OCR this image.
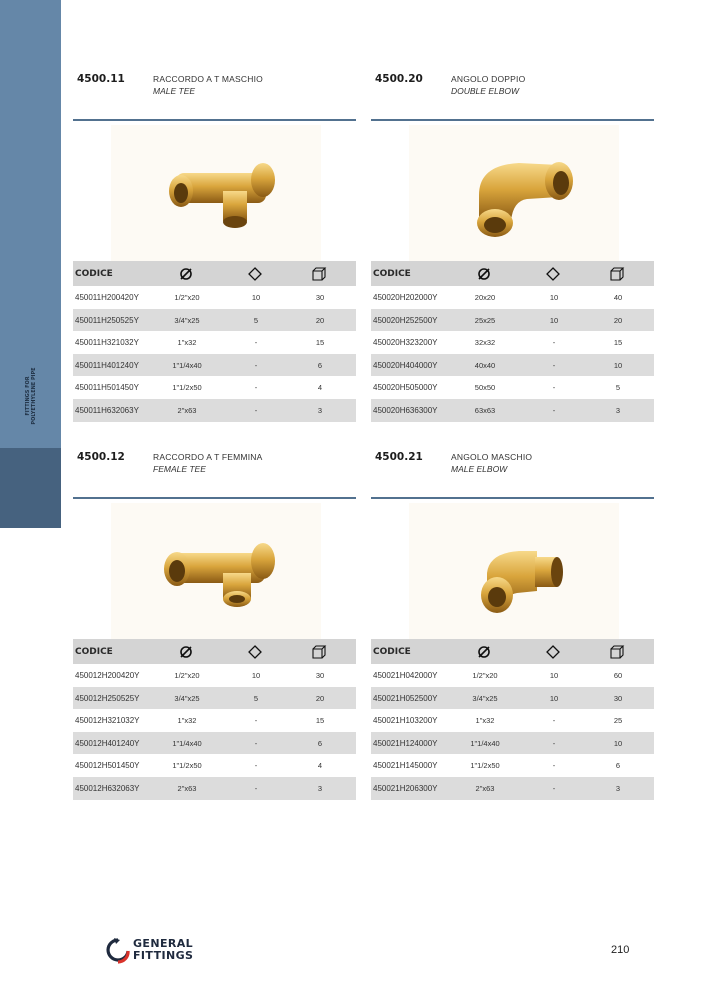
FITTINGS FOR POLYETHYLENE PIPE
4500.11	RACCORDO A T MASCHIO
MALE TEE
CODICE
450011H200420Y	1/2"x20	10	30
450011H250525Y	3/4"x25	5	20
450011H321032Y	1"x32	-	15
450011H401240Y	1"1/4x40	-	6
450011H501450Y	1"1/2x50	-	4
450011H632063Y	2"x63	-	3
4500.20	ANGOLO DOPPIO
DOUBLE ELBOW
CODICE
450020H202000Y	20x20	10	40
450020H252500Y	25x25	10	20
450020H323200Y	32x32	-	15
450020H404000Y	40x40	-	10
450020H505000Y	50x50	-	5
450020H636300Y	63x63	-	3
4500.12	RACCORDO A T FEMMINA
FEMALE TEE
CODICE
450012H200420Y	1/2"x20	10	30
450012H250525Y	3/4"x25	5	20
450012H321032Y	1"x32	-	15
450012H401240Y	1"1/4x40	-	6
450012H501450Y	1"1/2x50	-	4
450012H632063Y	2"x63	-	3
4500.21	ANGOLO MASCHIO
MALE ELBOW
CODICE
450021H042000Y	1/2"x20	10	60
450021H052500Y	3/4"x25	10	30
450021H103200Y	1"x32	-	25
450021H124000Y	1"1/4x40	-	10
450021H145000Y	1"1/2x50	-	6
450021H206300Y	2"x63	-	3
GENERAL
FITTINGS	210
